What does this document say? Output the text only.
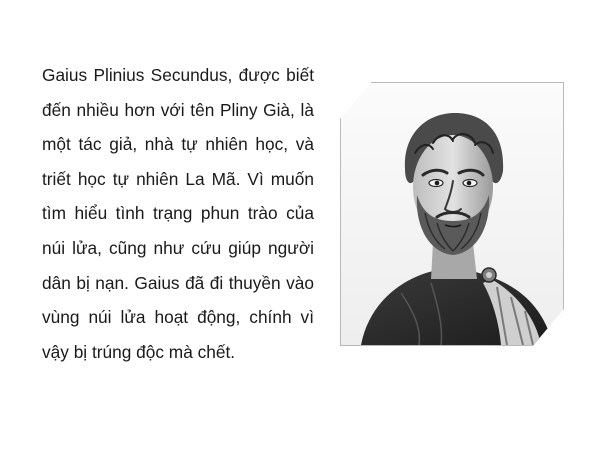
Gaius Plinius Secundus, được biết
đến nhiều hơn với tên Pliny Già, là
một tác giả, nhà tự nhiên học, và
triết học tự nhiên La Mã. Vì muốn
tìm hiểu tình trạng phun trào của
núi lửa, cũng như cứu giúp người
dân bị nạn. Gaius đã đi thuyền vào
vùng núi lửa hoạt động, chính vì
vậy bị trúng độc mà chết.
